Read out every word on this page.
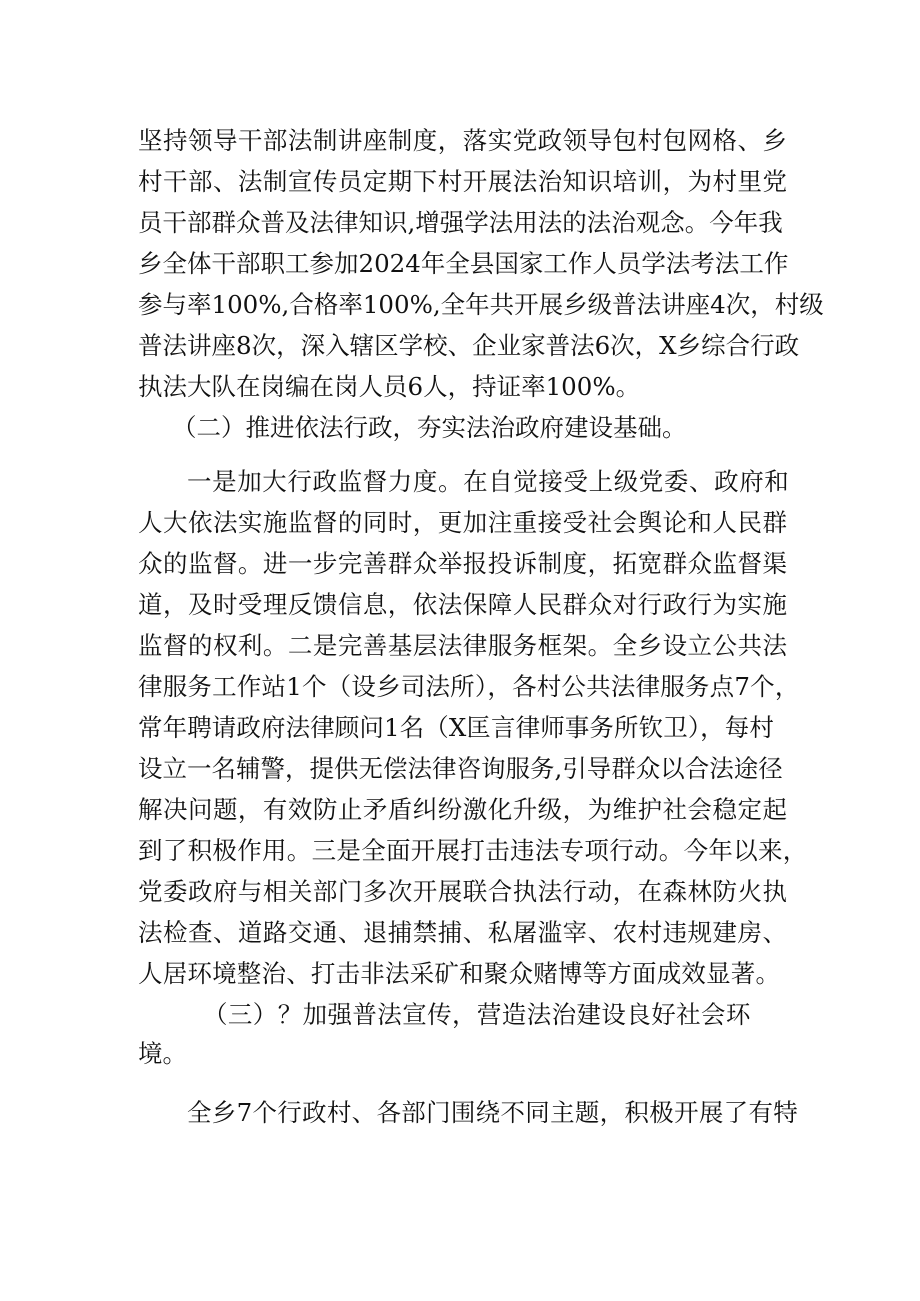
坚持领导干部法制讲座制度，落实党政领导包村包网格、乡

村干部、法制宣传员定期下村开展法治知识培训，为村里党

员干部群众普及法律知识,增强学法用法的法治观念。今年我

乡全体干部职工参加2024年全县国家工作人员学法考法工作

参与率100%,合格率100%,全年共开展乡级普法讲座4次，村级

普法讲座8次，深入辖区学校、企业家普法6次，X乡综合行政

执法大队在岗编在岗人员6人，持证率100%。

（二）推进依法行政，夯实法治政府建设基础。

一是加大行政监督力度。在自觉接受上级党委、政府和

人大依法实施监督的同时，更加注重接受社会舆论和人民群

众的监督。进一步完善群众举报投诉制度，拓宽群众监督渠

道，及时受理反馈信息，依法保障人民群众对行政行为实施

监督的权利。二是完善基层法律服务框架。全乡设立公共法

律服务工作站1个（设乡司法所），各村公共法律服务点7个，

常年聘请政府法律顾问1名（X匡言律师事务所钦卫），每村

设立一名辅警，提供无偿法律咨询服务,引导群众以合法途径

解决问题，有效防止矛盾纠纷激化升级，为维护社会稳定起

到了积极作用。三是全面开展打击违法专项行动。今年以来，

党委政府与相关部门多次开展联合执法行动，在森林防火执

法检查、道路交通、退捕禁捕、私屠滥宰、农村违规建房、

人居环境整治、打击非法采矿和聚众赌博等方面成效显著。

（三）？加强普法宣传，营造法治建设良好社会环

境。

全乡7个行政村、各部门围绕不同主题，积极开展了有特
